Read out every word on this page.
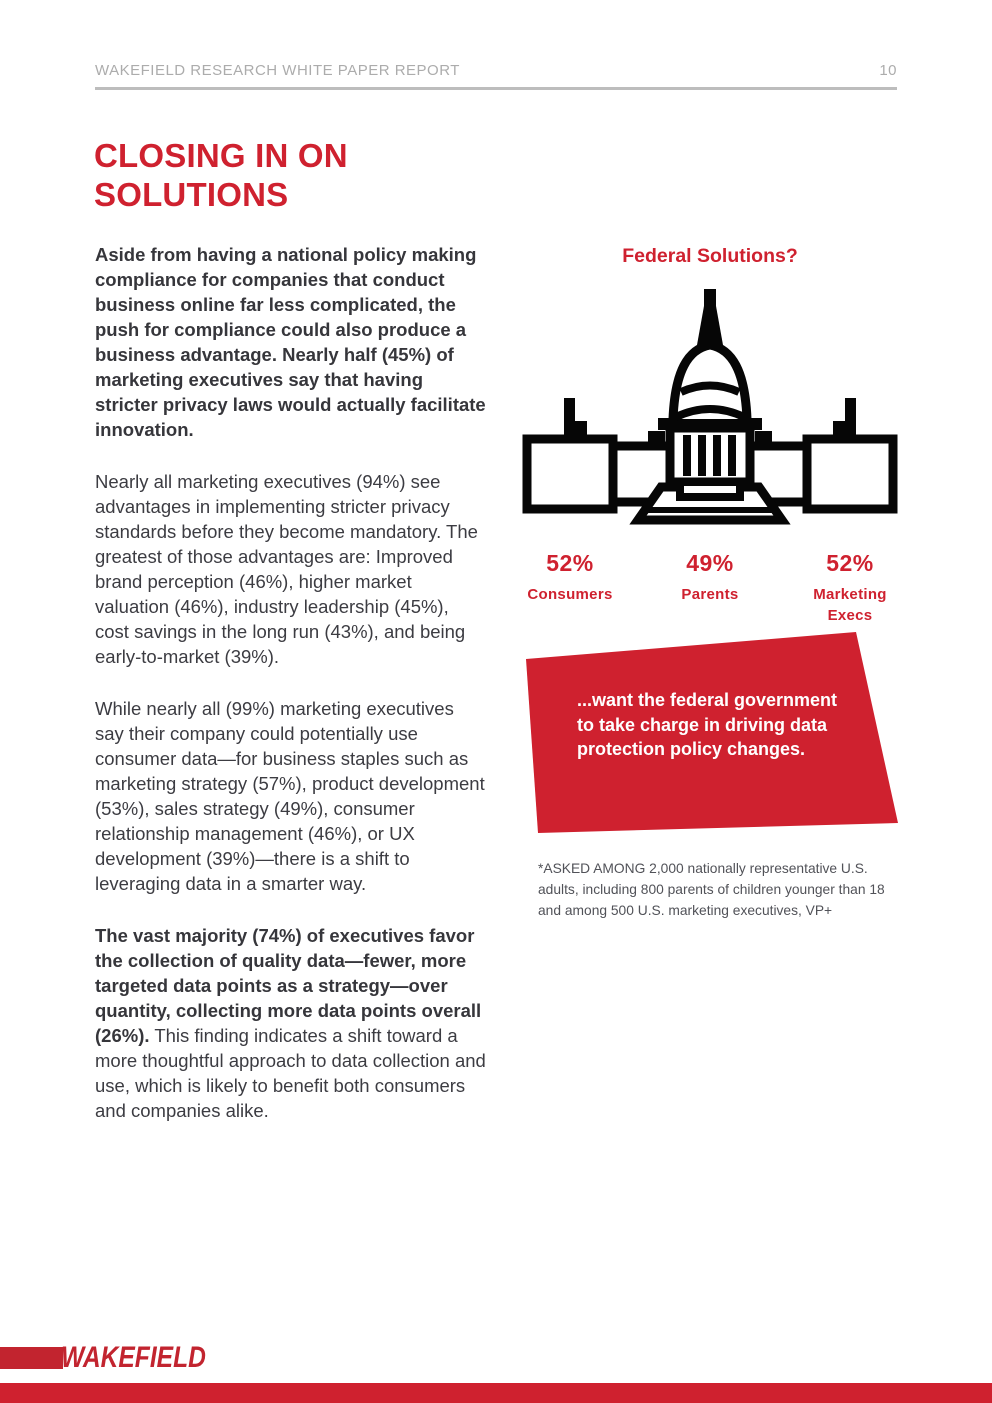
WAKEFIELD RESEARCH WHITE PAPER REPORT	10
CLOSING IN ON SOLUTIONS

Aside from having a national policy making compliance for companies that conduct business online far less complicated, the push for compliance could also produce a business advantage. Nearly half (45%) of marketing executives say that having stricter privacy laws would actually facilitate innovation.

Nearly all marketing executives (94%) see advantages in implementing stricter privacy standards before they become mandatory. The greatest of those advantages are: Improved brand perception (46%), higher market valuation (46%), industry leadership (45%), cost savings in the long run (43%), and being early-to-market (39%).

While nearly all (99%) marketing executives say their company could potentially use consumer data—for business staples such as marketing strategy (57%), product development (53%), sales strategy (49%), consumer relationship management (46%), or UX development (39%)—there is a shift to leveraging data in a smarter way.

The vast majority (74%) of executives favor the collection of quality data—fewer, more targeted data points as a strategy—over quantity, collecting more data points overall (26%). This finding indicates a shift toward a more thoughtful approach to data collection and use, which is likely to benefit both consumers and companies alike.

Federal Solutions?
52%
Consumers
49%
Parents
52%
Marketing Execs
...want the federal government to take charge in driving data protection policy changes.

*ASKED AMONG 2,000 nationally representative U.S. adults, including 800 parents of children younger than 18 and among 500 U.S. marketing executives, VP+

WAKEFIELD
